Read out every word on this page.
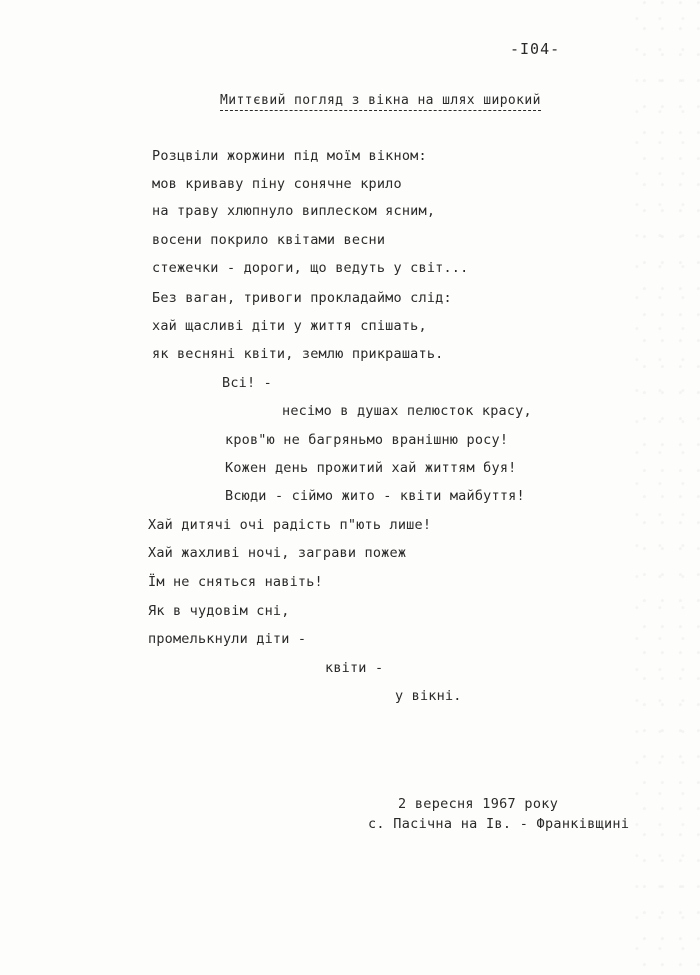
-I04-
Миттєвий погляд з вікна на шлях широкий
Розцвіли жоржини під моїм вікном:
мов криваву піну сонячне крило
на траву хлюпнуло виплеском ясним,
восени покрило квітами весни
стежечки - дороги, що ведуть у світ...
Без ваган, тривоги прокладаймо слід:
хай щасливі діти у життя спішать,
як весняні квіти, землю прикрашать.
Всі! -
несімо в душах пелюсток красу,
кров"ю не багряньмо вранішню росу!
Кожен день прожитий хай життям буя!
Всюди - сіймо жито - квіти майбуття!
Хай дитячі очі радість п"ють лише!
Хай жахливі ночі, заграви пожеж
Їм не сняться навіть!
Як в чудовім сні,
промелькнули діти -
квіти -
у вікні.
2 вересня 1967 року
с. Пасічна на Ів. - Франківщині
